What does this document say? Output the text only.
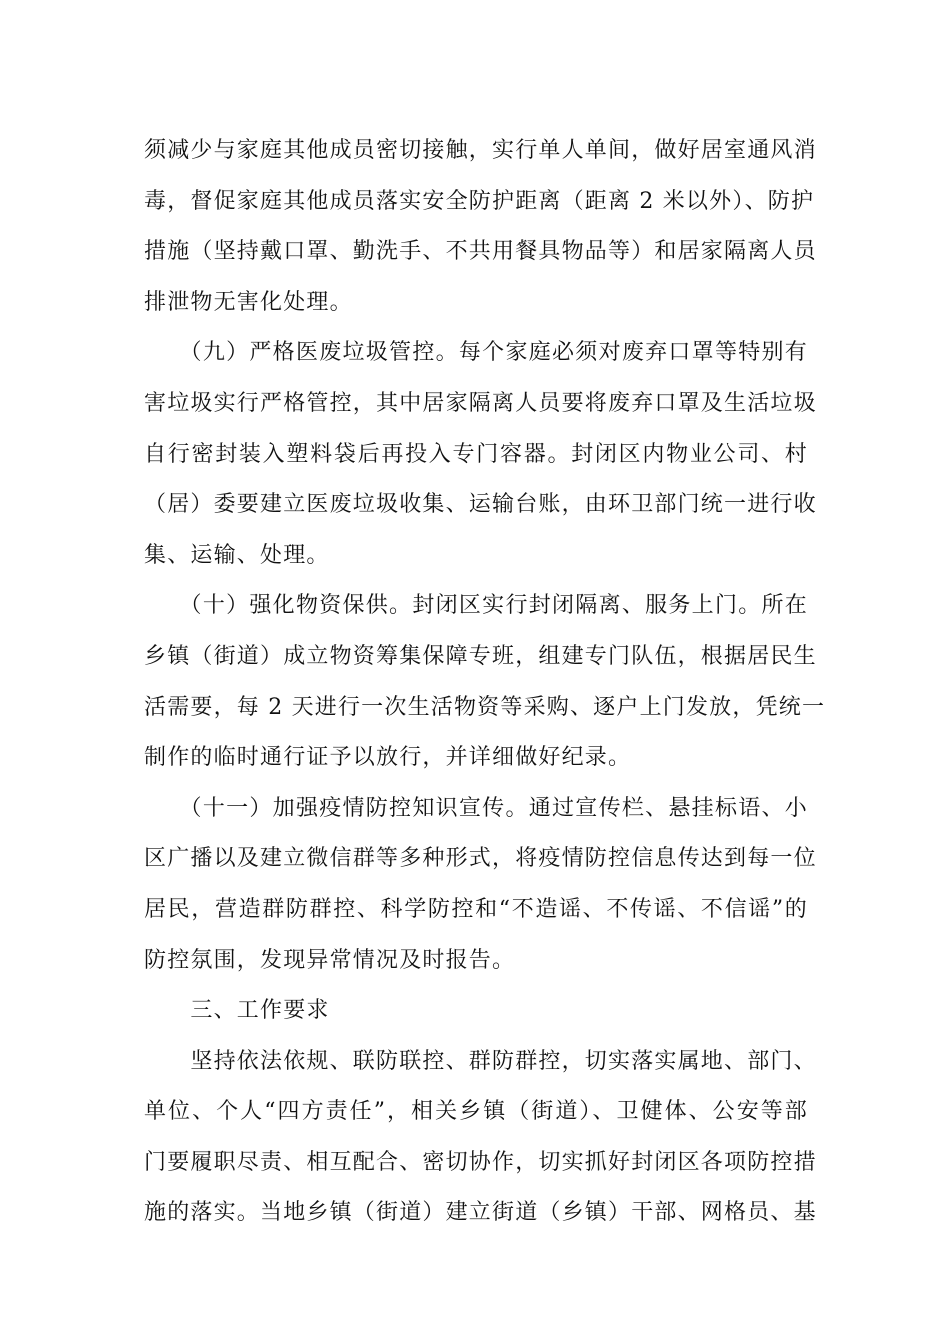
须减少与家庭其他成员密切接触，实行单人单间，做好居室通风消
毒，督促家庭其他成员落实安全防护距离（距离 2 米以外）、防护
措施（坚持戴口罩、勤洗手、不共用餐具物品等）和居家隔离人员
排泄物无害化处理。
　　（九）严格医废垃圾管控。每个家庭必须对废弃口罩等特别有
害垃圾实行严格管控，其中居家隔离人员要将废弃口罩及生活垃圾
自行密封装入塑料袋后再投入专门容器。封闭区内物业公司、村
（居）委要建立医废垃圾收集、运输台账，由环卫部门统一进行收
集、运输、处理。
　　（十）强化物资保供。封闭区实行封闭隔离、服务上门。所在
乡镇（街道）成立物资筹集保障专班，组建专门队伍，根据居民生
活需要，每 2 天进行一次生活物资等采购、逐户上门发放，凭统一
制作的临时通行证予以放行，并详细做好纪录。
　　（十一）加强疫情防控知识宣传。通过宣传栏、悬挂标语、小
区广播以及建立微信群等多种形式，将疫情防控信息传达到每一位
居民，营造群防群控、科学防控和“不造谣、不传谣、不信谣”的
防控氛围，发现异常情况及时报告。
　　三、工作要求
　　坚持依法依规、联防联控、群防群控，切实落实属地、部门、
单位、个人“四方责任”，相关乡镇（街道）、卫健体、公安等部
门要履职尽责、相互配合、密切协作，切实抓好封闭区各项防控措
施的落实。当地乡镇（街道）建立街道（乡镇）干部、网格员、基
